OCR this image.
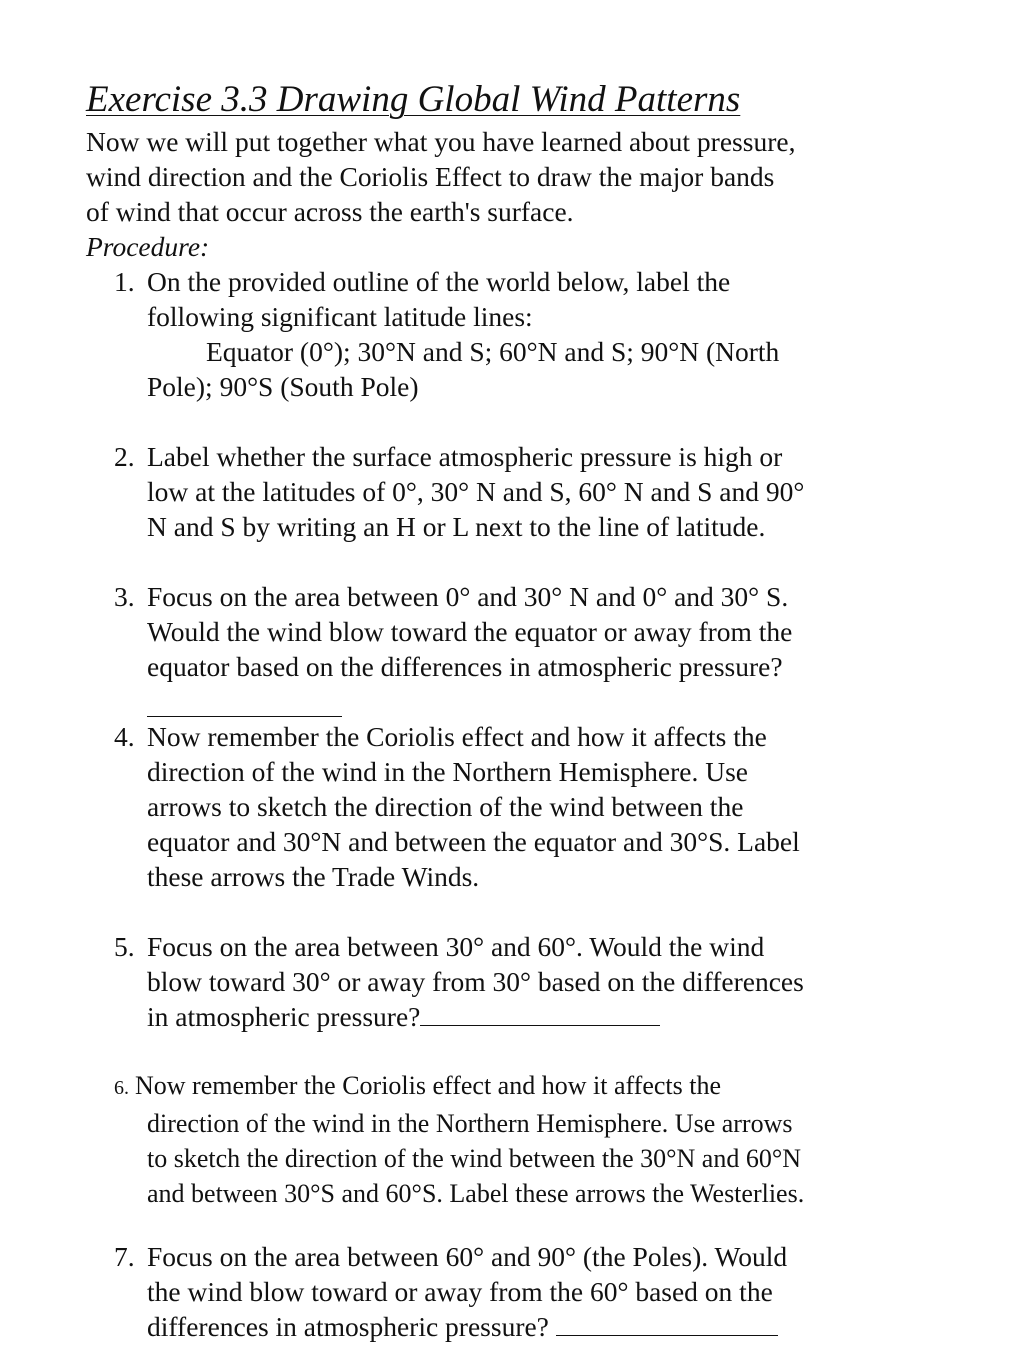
Exercise 3.3 Drawing Global Wind Patterns
Now we will put together what you have learned about pressure,
wind direction and the Coriolis Effect to draw the major bands
of wind that occur across the earth's surface.
Procedure:
1. On the provided outline of the world below, label the
following significant latitude lines:
Equator (0°); 30°N and S; 60°N and S; 90°N (North
Pole); 90°S (South Pole)
2. Label whether the surface atmospheric pressure is high or
low at the latitudes of 0°, 30° N and S, 60° N and S and 90°
N and S by writing an H or L next to the line of latitude.
3. Focus on the area between 0° and 30° N and 0° and 30° S.
Would the wind blow toward the equator or away from the
equator based on the differences in atmospheric pressure?
4. Now remember the Coriolis effect and how it affects the
direction of the wind in the Northern Hemisphere. Use
arrows to sketch the direction of the wind between the
equator and 30°N and between the equator and 30°S. Label
these arrows the Trade Winds.
5. Focus on the area between 30° and 60°. Would the wind
blow toward 30° or away from 30° based on the differences
in atmospheric pressure?
6. Now remember the Coriolis effect and how it affects the
direction of the wind in the Northern Hemisphere. Use arrows
to sketch the direction of the wind between the 30°N and 60°N
and between 30°S and 60°S. Label these arrows the Westerlies.
7. Focus on the area between 60° and 90° (the Poles). Would
the wind blow toward or away from the 60° based on the
differences in atmospheric pressure?
